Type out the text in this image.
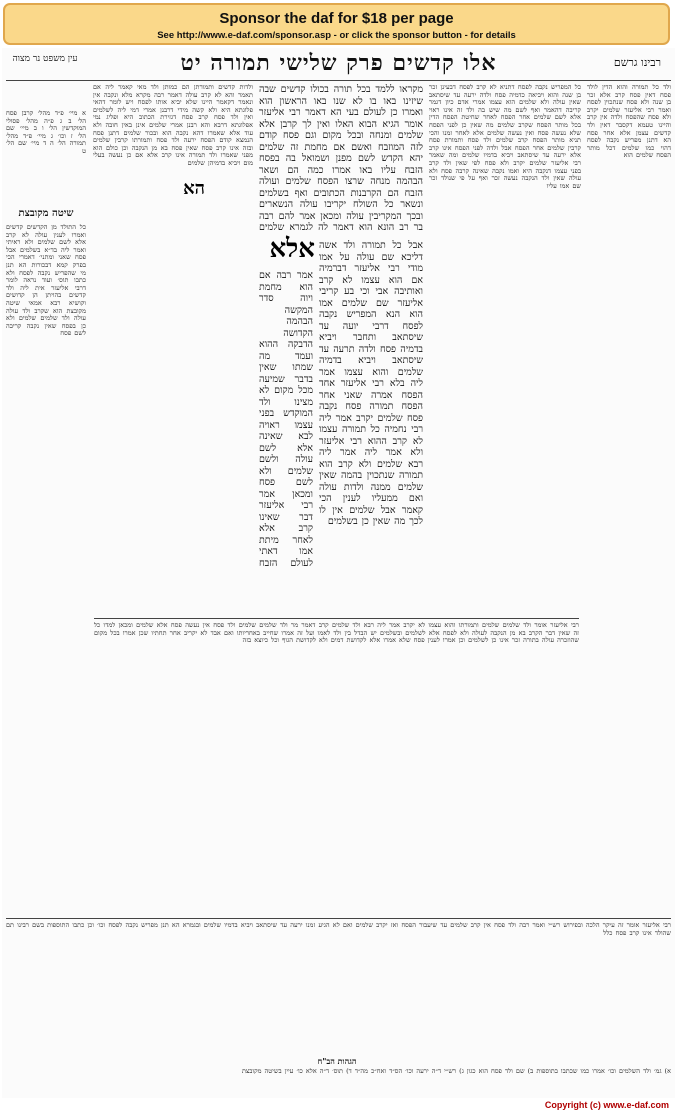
Sponsor the daf for $18 per page
See http://www.e-daf.com/sponsor.asp - or click the sponsor button - for details
אלו קדשים פרק שלישי תמורה יט	רבינו גרשם
עין משפט נר מצוה
ולד כל תמורה והוא הדין לולד פסח דאין פסח קרב אלא זכר בן שנה ולא פסח שנתכוין לפסח ואמר רבי אליעזר שלמים יקרב ולא פסח שהפסח ולדה אין קרב והיינו טעמא דקסבר דאין ולד קדשים עצמן אלא אחר פסח הא דתנן מפריש נקבה לפסח דהוי כמו שלמים דכל מותר הפסח שלמים הוא
כל המפריש נקבה לפסח דתניא לא קרב לפסח דבעינן זכר בן שנה והוא ויביאה כדמיה פסח ולדה ירעה עד שיסתאב שאין עולה ולא שלמים הוא עצמו אמרי אדם כיון דגמר קריבה דהאמר ואף לשם מה שיש בה ולד זה אינו ראוי אלא לשם שלמים אחר הפסח לאחר שחיטת הפסח הדין בכל מותר הפסח שקרב שלמים מה שאין כן לפני הפסח שלא נעשה פסח ואין נעשה שלמים אלא לאחר זמנו והכי תניא מותר הפסח קרב שלמים ולד פסח ותמורת פסח קרבין שלמים אחר הפסח אבל ולדה לפני הפסח אינו קרב אלא ירעה עד שיסתאב ויביא בדמיו שלמים ומה שאמר רבי אליעזר שלמים יקרב ולא פסח לפי שאין ולד קרב בפני עצמו דנקבה היא ואמו נקבה שאינה קרבה פסח ולא עולה שאין ולד הנקבה נעשה זכר ואף על פי שנולד זכר שם אמו עליו
מקראו ללמד בכל תורה בכולו קדשים שבה שיזינו באו בו לא שנו באו הראשון הוא ואמרו כן לעולם בעי הא דאמר רבי אליעזר אומר הגיא הבוא האלו ואין לך קרבן אלא שלמים ומנחה ובכל מקום וגם פסח קודם לזה המוזבח ואשם אם מחמת זה שלמים יהא הקדש לשם מפנן ושמואל בה בפסח הזבח עליו באו אמרו כמה הם ושאר הבהמה מנחה שרצו הפסח שלמים ועולה הזבח הם הקרבנות הכתובים ואף בשלמים ונשאר כל השולח יקריבו עולה הנשארים ובכך המקריבין עולה ומכאן אמר להם רבה בר רב הונא הוא דאמר לה לגמרא שלמים
אלא אבל כל תמורה ולד אשה דליכא שם עולה על אמו מודי רבי אליעזר דברמיה אם הוא עצמו לא קרב ואותיבה אבי וכי בע קריבי אליעזר שם שלמים אמו הוא הנא המפריש נקבה לפסח דרבי יועה עד שיסתאב ותחבר ויביא בדמיה פסח ולדה תרעה עד שיסתאב ויביא בדמיה שלמים והוא עצמו אמר ליה בלא רבי אליעזר אחד הפסח אמרה שאני אחר הפסח תמורה פסח נקבה פסח שלמים יקרב אמר ליה רבי נחמיה כל תמורה עצמו לא קרב ההוא רבי אליעזר ולא אמר ליה אמר ליה רבא שלמים ולא קרב הוא תמורה שנתכוין בהמה שאין שלמים ממנה ולדות עולה ואם ממעליו לענין הכי קאמר אבל שלמים אין לו לכך מה שאין כן בשלמים
אמר רבה אם הוא מחמת ויוה סדר המקשה הבהמה הקדושה הדבקה ההוא ועמד מה שמתו שאין בדבר שמיעה מכל מקום לא מצינו ולד המוקדש בפני עצמו ראויה לבא שאינה אלא לשם עולה ולשם שלמים ולא לשם פסח ומכאן אמר רבי אליעזר דבר שאינו קרב אלא לאחר מיתת אמו דאתי לעולם הזבח
ולדות קדשים ותמורתן הם כמותן ולד מאי קאמר ליה אם תאמר והא לא קרב עולה דאמר רבה מקרא מלא ונקבה אין ונאמר דקאמר היינו שלא יביא אותו לפסח ויש לומר דהאי פלוגתא היא ולא קשה מידי דרבנן אמרי דמי ליה לשלמים ואין ולד פסח קרב פסח דגזירת הכתוב היא ופליג נמי אפלוגתא דרבא והא רבנן אמרי שלמים אינן באין חובה ולא עוד אלא שאמרו דהא נקבה הוא ובכור שלמים דתנן פסח הנמצא קודם הפסח ירעה ולד פסח ותמורתו קרבין שלמים ובזה אינו קרב פסח שאין פסח בא מן הנקבה וכן כולם הוא מפני שאמרו ולד תמורה אינו קרב אלא אם כן נעשה בעלי מום ויביא בדמיהן שלמים
הא
א מיי׳ פ״ד מהל׳ קרבן פסח הל׳ ב ג פ״ה מהל׳ פסולי המוקדשין הל׳ ו ב מיי׳ שם הל׳ ז וכו׳ ג מיי׳ פ״ד מהל׳ תמורה הל׳ ה ד מיי׳ שם הל׳ ט
שיטה מקובצת
כל התולד מן הקדשים קדשים ואמרו לענין עולה לא קרב אלא לשם שלמים ולא ראיתי ואמר ליה בד״א בשלמים אבל פסח שאני ומתני׳ דאמרי הכי בפרק קמא דבכורות הא תנן מי שהפריש נקבה לפסח ולא כתבו תוס׳ ועוד נראה לומר דרבי אליעזר אית ליה ולד קדשים בהויתן הן קדושים וקושיא רבא אמאי שיטה מקובצת הוא שקרב ולד עולה עולה ולד שלמים שלמים ולא כן בפסח שאין נקבה קריבה לשם פסח
רבי אליעזר אומר ולד שלמים שלמים ותמורתו והוא עצמו לא יקרב אמר ליה רבא ולד שלמים קרב דאמר מר ולד שלמים שלמים ולד פסח אין נעשה פסח אלא שלמים ומכאן למדו כל זה שאין דבר הקרב בא מן הנקבה לעולה ולא לפסח אלא לשלמים ובשלמים יש הבדל בין ולד לאמו ועל זה אמרו שחייב באחריותו ואם אבד לא יקריב אחר תחתיו שכן אמרו בכל מקום שהוזכרה עולה בתורה זכר אינו כן לשלמים וכן אמרו לענין פסח שלא אמרו אלא לקדושת דמים ולא לקדושת הגוף וכל כיוצא בזה
רבי אליעזר אומר זה עיקר הלכה ובפירוש רש״י ואמר רבה ולד פסח אין קרב שלמים עד שיעבור הפסח ואז יקרב שלמים ואם לא הגיע זמנו ירעה עד שיסתאב ויביא בדמיו שלמים ובגמרא הא תנן מפריש נקבה לפסח וכו׳ וכן כתבו התוספות בשם רבינו תם שהולד אינו קרב פסח כלל
הגהות הב"ח
א) גמ׳ ולד השלמים וכו׳ אמרו כמו שכתבו בתוספות ב) שם ולד פסח הוא כגון ג) רש״י ד״ה ירעה וכו׳ הס״ד ואח״כ מה״ד ד) תוס׳ ד״ה אלא כו׳ עיין בשיטה מקובצת
Copyright (c) www.e-daf.com
